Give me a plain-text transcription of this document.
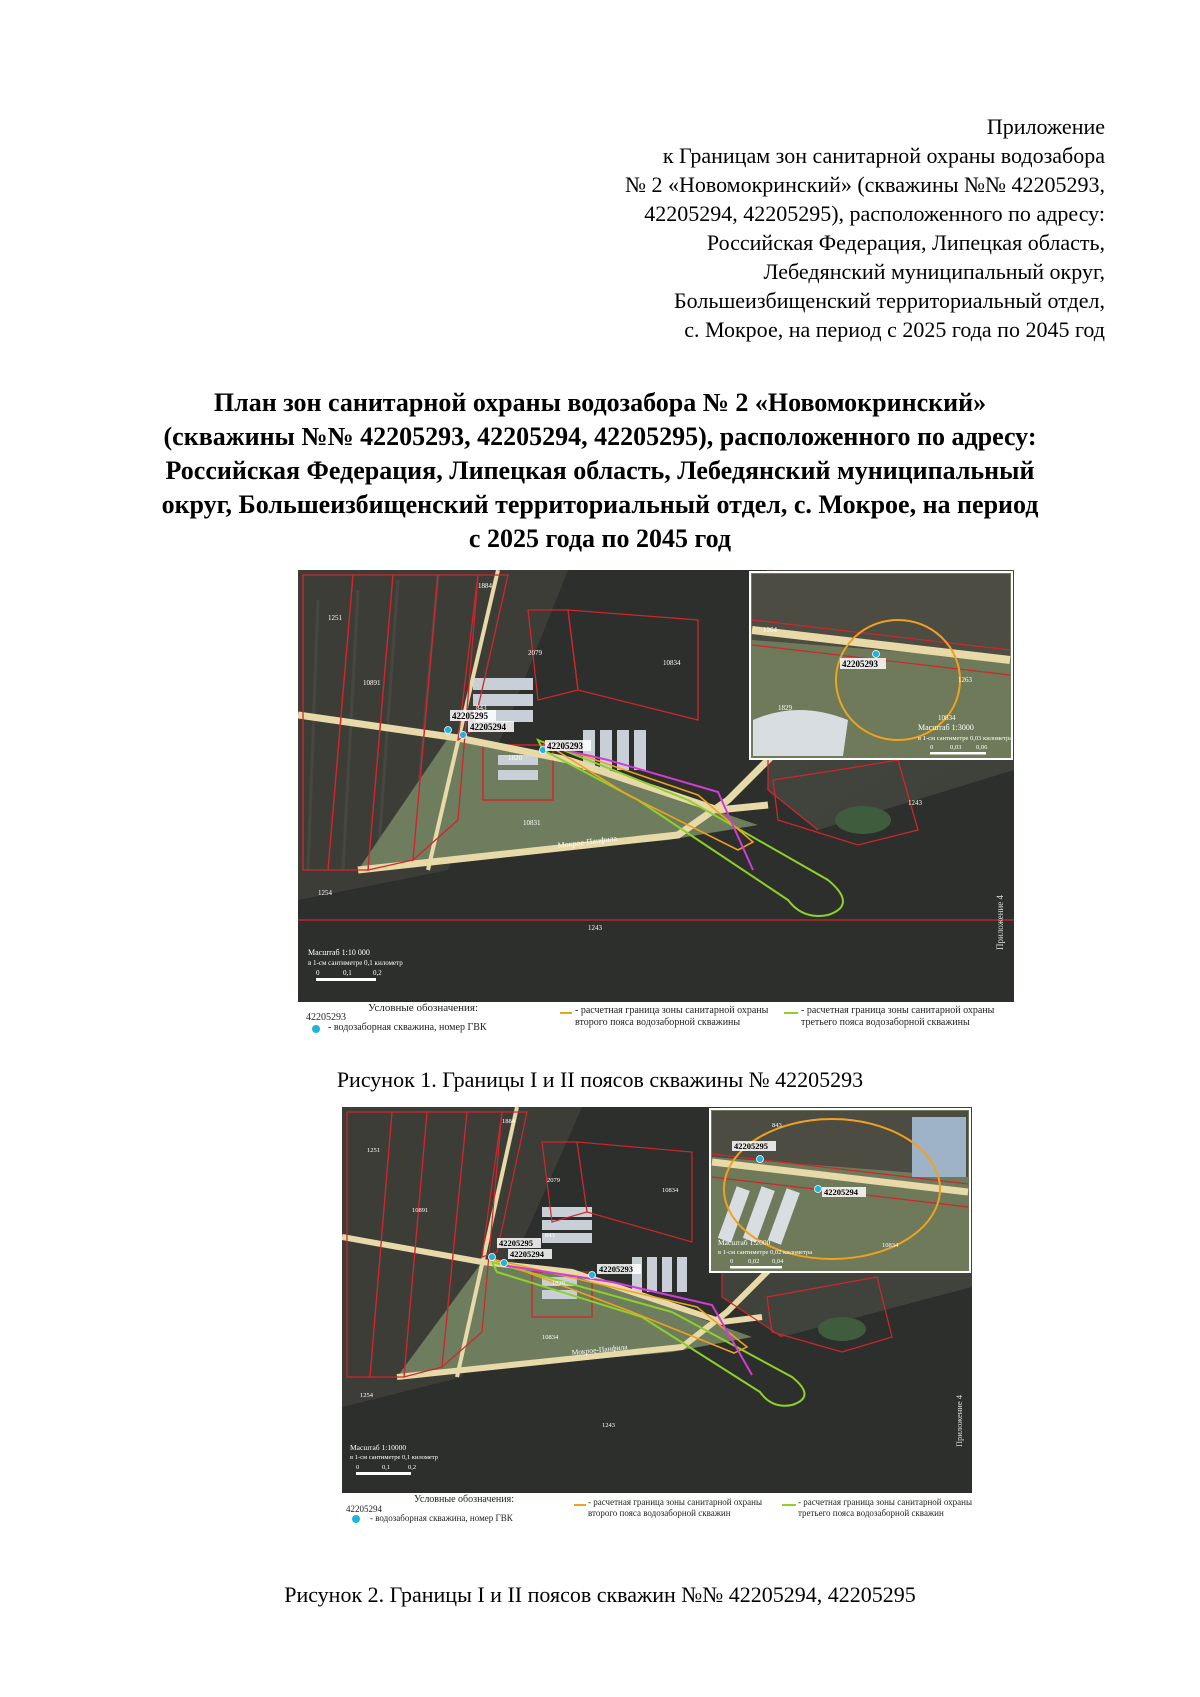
Приложение
к Границам зон санитарной охраны водозабора
№ 2 «Новомокринский» (скважины №№ 42205293,
42205294, 42205295), расположенного по адресу:
Российская Федерация, Липецкая область,
Лебедянский муниципальный округ,
Большеизбищенский территориальный отдел,
с. Мокрое, на период с 2025 года по 2045 год
План зон санитарной охраны водозабора № 2 «Новомокринский»
(скважины №№ 42205293, 42205294, 42205295), расположенного по адресу:
Российская Федерация, Липецкая область, Лебедянский муниципальный
округ, Большеизбищенский территориальный отдел, с. Мокрое, на период
с 2025 года по 2045 год
42205295
42205294
42205293
1884
2079
10834
843
1251
10891
1254
10831
1820
1243
1243
Мокрое-Панфила
Приложение 4
Масштаб 1:10 000
в 1-см сантиметре 0,1 километр
0	0,1	0,2
42205293
1264
1263
1829
10834
Масштаб 1:3000
в 1-см сантиметре 0,03 километра
0	0,03 0,06
Условные обозначения:
42205293
- водозаборная скважина, номер ГВК
- расчетная граница зоны санитарной охраны
второго пояса водозаборной скважины
- расчетная граница зоны санитарной охраны
третьего пояса водозаборной скважины
Рисунок 1. Границы I и II поясов скважины № 42205293
42205295
42205294
42205293
1884
2079
10834
843
10891
1251
1254
10834
1243
1820
Мокрое-Панфила
Приложение 4
Масштаб 1:10000
в 1-см сантиметре 0,1 километр
0	0,1	0,2
42205295
42205294
843
10834
Масштаб 1:2000
в 1-см сантиметре 0,02 километра
0 0,02 0,04
Условные обозначения:
42205294
- водозаборная скважина, номер ГВК
- расчетная граница зоны санитарной охраны
второго пояса водозаборной скважин
- расчетная граница зоны санитарной охраны
третьего пояса водозаборной скважин
Рисунок 2. Границы I и II поясов скважин №№ 42205294, 42205295
